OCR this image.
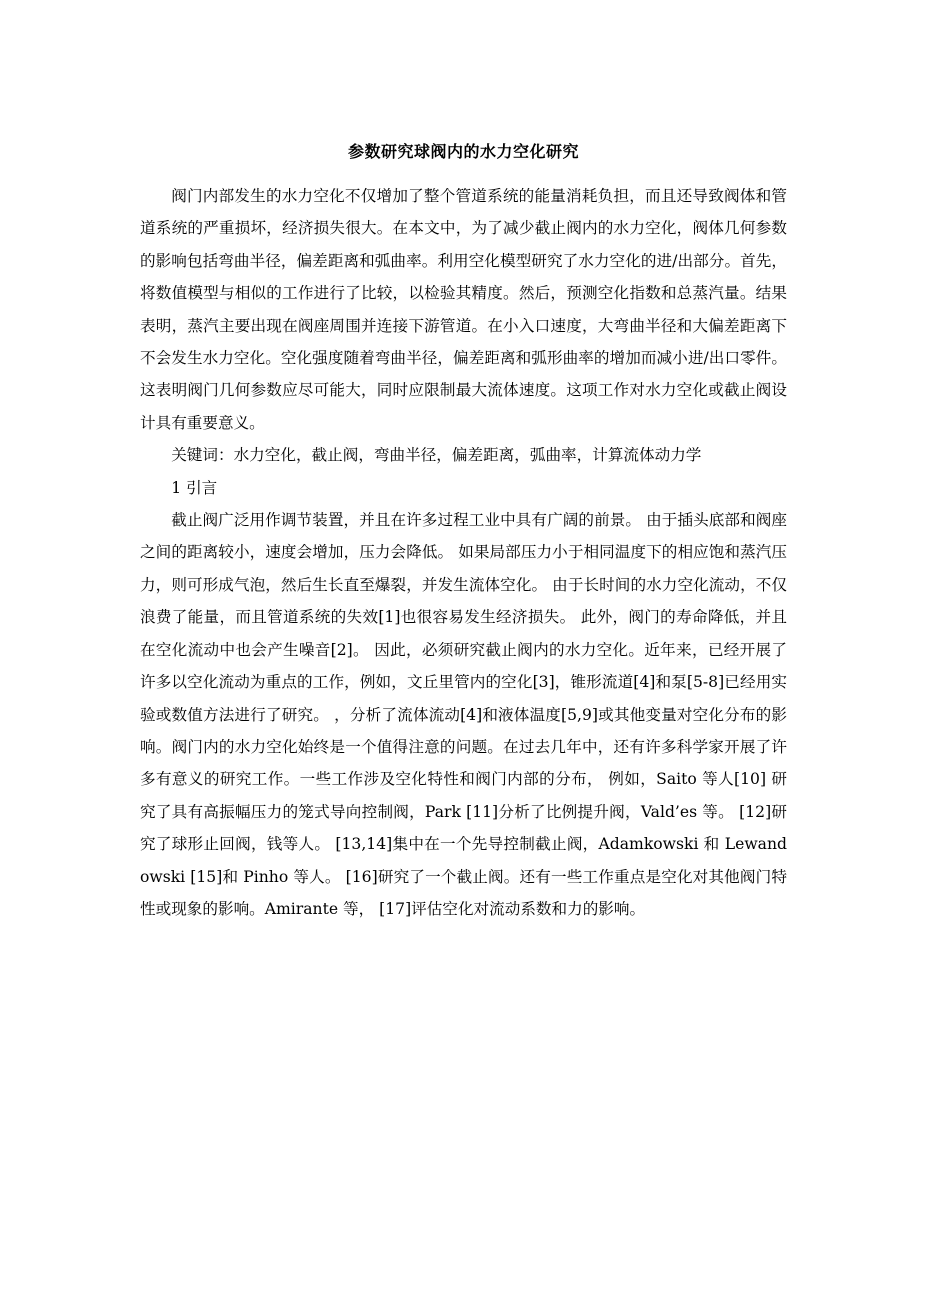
参数研究球阀内的水力空化研究

阀门内部发生的水力空化不仅增加了整个管道系统的能量消耗负担，而且还导致阀体和管道系统的严重损坏，经济损失很大。在本文中，为了减少截止阀内的水力空化，阀体几何参数的影响包括弯曲半径，偏差距离和弧曲率。利用空化模型研究了水力空化的进/出部分。首先，将数值模型与相似的工作进行了比较，以检验其精度。然后，预测空化指数和总蒸汽量。结果表明，蒸汽主要出现在阀座周围并连接下游管道。在小入口速度，大弯曲半径和大偏差距离下不会发生水力空化。空化强度随着弯曲半径，偏差距离和弧形曲率的增加而减小进/出口零件。这表明阀门几何参数应尽可能大，同时应限制最大流体速度。这项工作对水力空化或截止阀设计具有重要意义。

关键词：水力空化，截止阀，弯曲半径，偏差距离，弧曲率，计算流体动力学

1 引言

截止阀广泛用作调节装置，并且在许多过程工业中具有广阔的前景。 由于插头底部和阀座之间的距离较小，速度会增加，压力会降低。 如果局部压力小于相同温度下的相应饱和蒸汽压力，则可形成气泡，然后生长直至爆裂，并发生流体空化。 由于长时间的水力空化流动，不仅浪费了能量，而且管道系统的失效[1]也很容易发生经济损失。 此外，阀门的寿命降低，并且在空化流动中也会产生噪音[2]。 因此，必须研究截止阀内的水力空化。近年来，已经开展了许多以空化流动为重点的工作，例如，文丘里管内的空化[3]，锥形流道[4]和泵[5-8]已经用实验或数值方法进行了研究。 ，分析了流体流动[4]和液体温度[5,9]或其他变量对空化分布的影响。阀门内的水力空化始终是一个值得注意的问题。在过去几年中，还有许多科学家开展了许多有意义的研究工作。一些工作涉及空化特性和阀门内部的分布， 例如，Saito 等人[10] 研究了具有高振幅压力的笼式导向控制阀，Park [11]分析了比例提升阀，Vald’es 等。 [12]研究了球形止回阀，钱等人。 [13,14]集中在一个先导控制截止阀，Adamkowski 和 Lewandowski [15]和 Pinho 等人。 [16]研究了一个截止阀。还有一些工作重点是空化对其他阀门特性或现象的影响。Amirante 等， [17]评估空化对流动系数和力的影响。
